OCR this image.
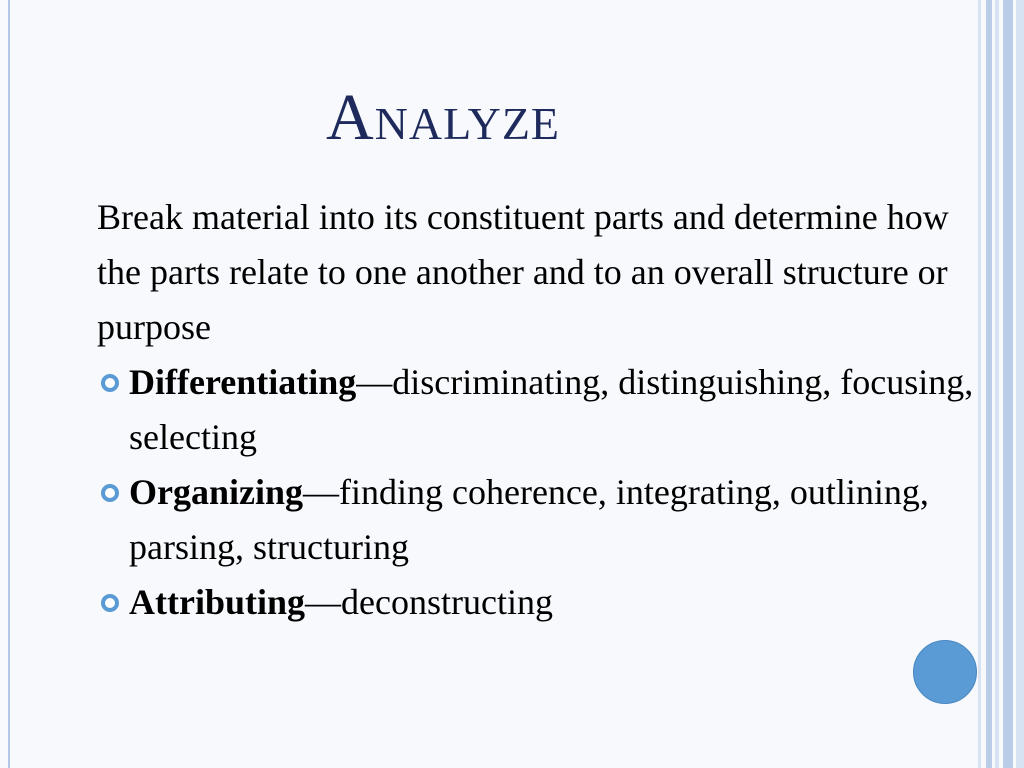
Analyze

Break material into its constituent parts and determine how the parts relate to one another and to an overall structure or purpose

Differentiating—discriminating, distinguishing, focusing, selecting

Organizing—finding coherence, integrating, outlining, parsing, structuring

Attributing—deconstructing
